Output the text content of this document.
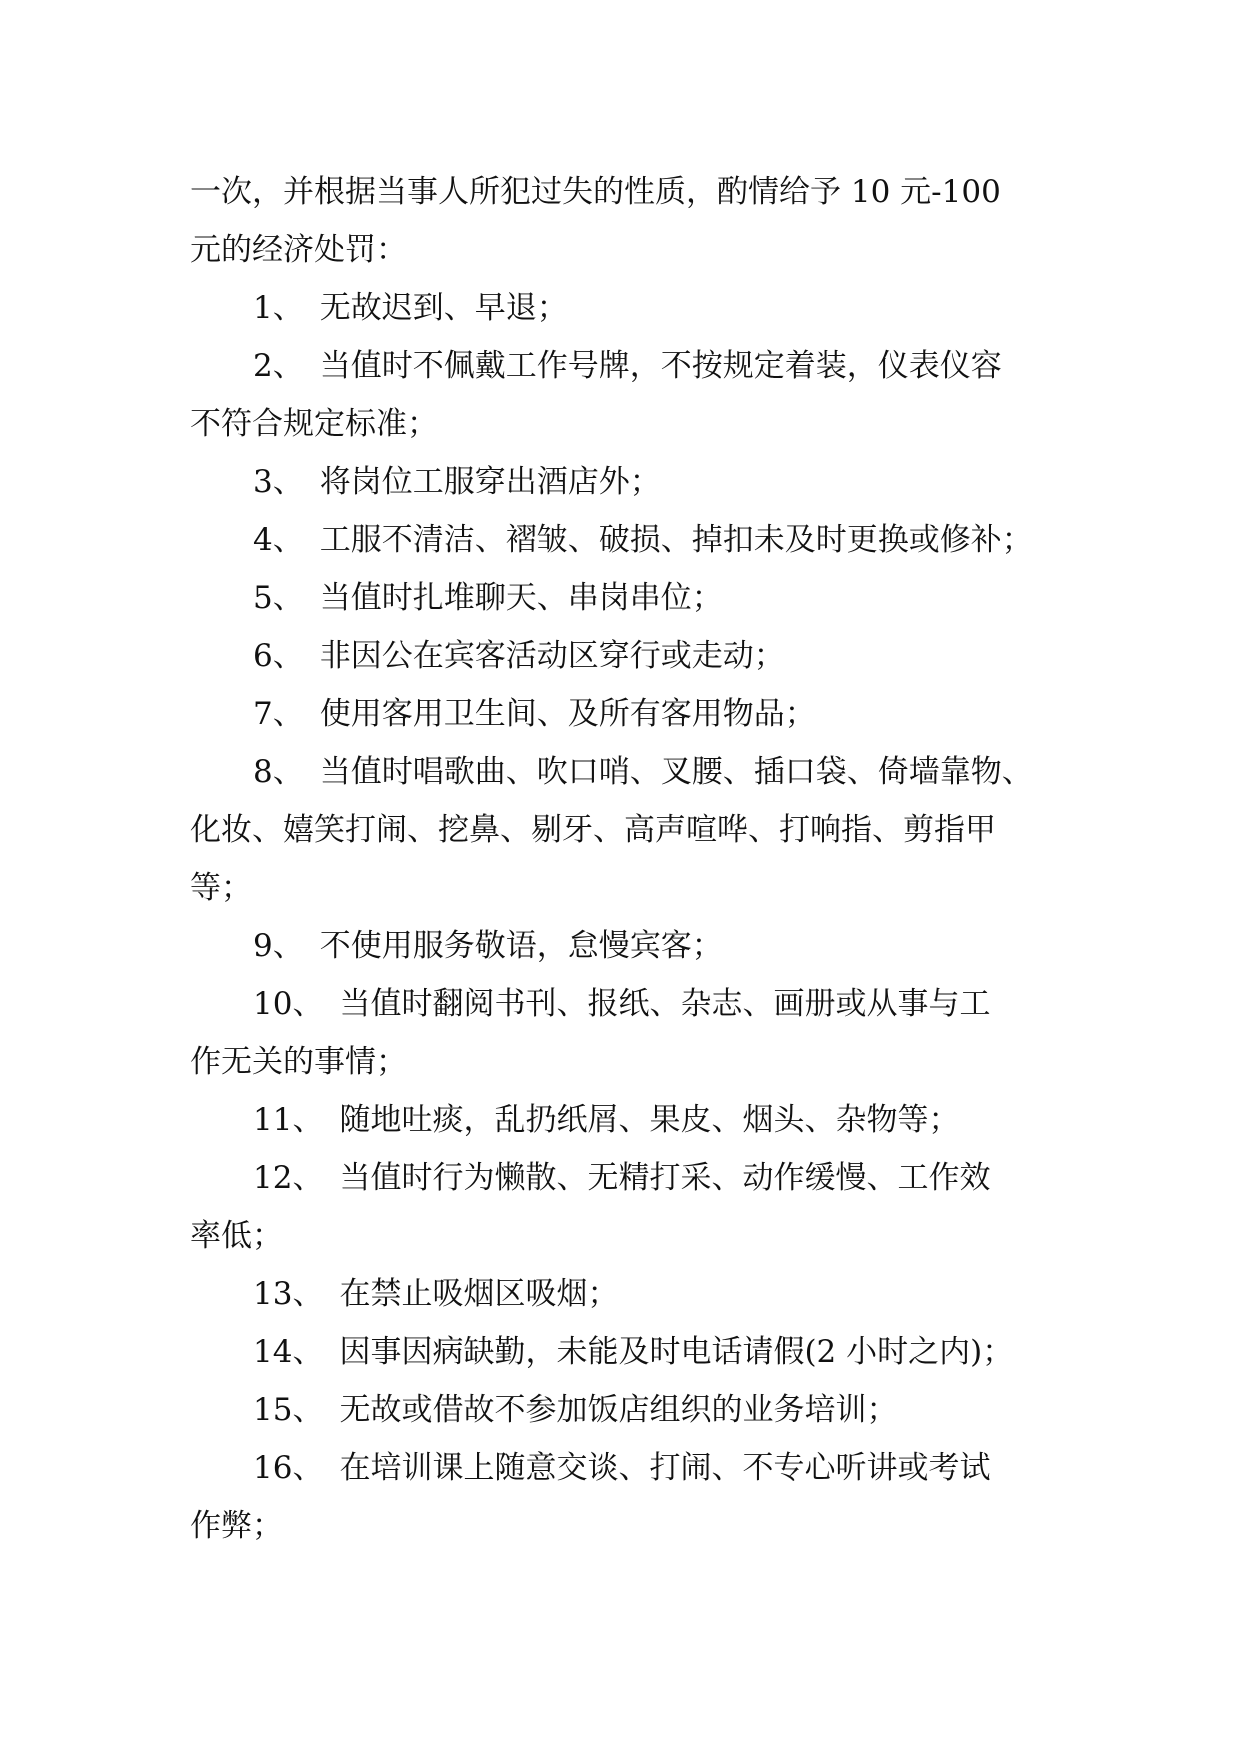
一次，并根据当事人所犯过失的性质，酌情给予 10 元-100
元的经济处罚：
1、 无故迟到、早退；
2、 当值时不佩戴工作号牌，不按规定着装，仪表仪容
不符合规定标准；
3、 将岗位工服穿出酒店外；
4、 工服不清洁、褶皱、破损、掉扣未及时更换或修补；
5、 当值时扎堆聊天、串岗串位；
6、 非因公在宾客活动区穿行或走动；
7、 使用客用卫生间、及所有客用物品；
8、 当值时唱歌曲、吹口哨、叉腰、插口袋、倚墙靠物、
化妆、嬉笑打闹、挖鼻、剔牙、高声喧哗、打响指、剪指甲
等；
9、 不使用服务敬语，怠慢宾客；
10、 当值时翻阅书刊、报纸、杂志、画册或从事与工
作无关的事情；
11、 随地吐痰，乱扔纸屑、果皮、烟头、杂物等；
12、 当值时行为懒散、无精打采、动作缓慢、工作效
率低；
13、 在禁止吸烟区吸烟；
14、 因事因病缺勤，未能及时电话请假(2 小时之内)；
15、 无故或借故不参加饭店组织的业务培训；
16、 在培训课上随意交谈、打闹、不专心听讲或考试
作弊；
